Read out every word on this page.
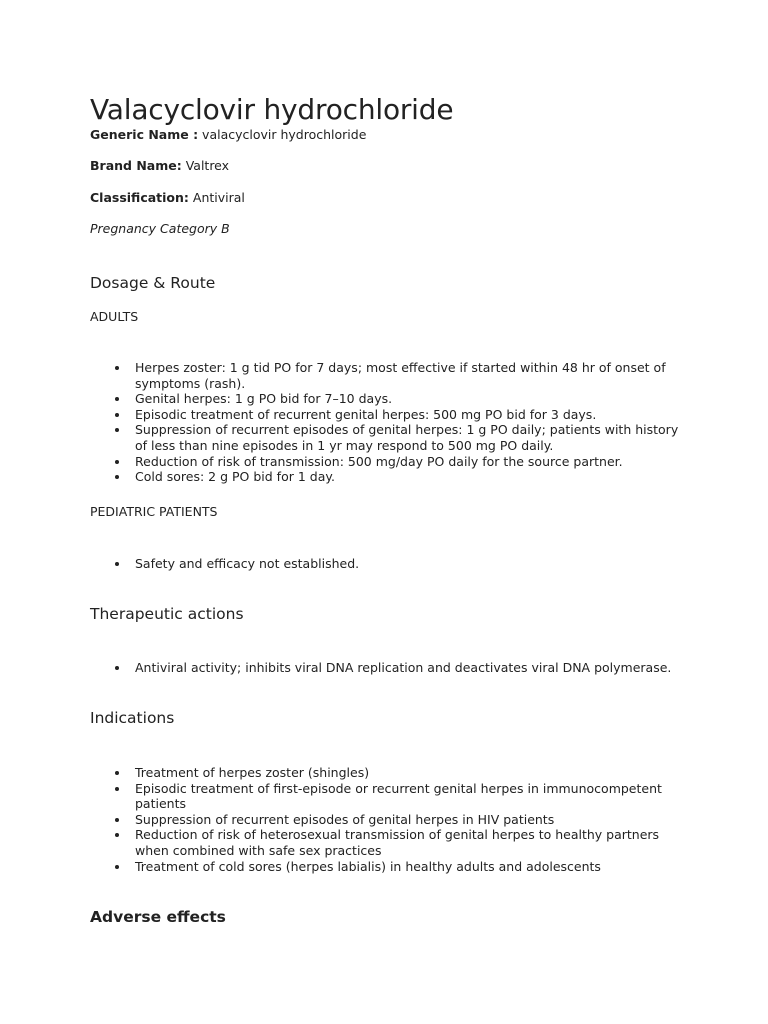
Valacyclovir hydrochloride

Generic Name : valacyclovir hydrochloride

Brand Name: Valtrex

Classification: Antiviral

Pregnancy Category B

Dosage & Route

ADULTS

Herpes zoster: 1 g tid PO for 7 days; most effective if started within 48 hr of onset of symptoms (rash).
Genital herpes: 1 g PO bid for 7–10 days.
Episodic treatment of recurrent genital herpes: 500 mg PO bid for 3 days.
Suppression of recurrent episodes of genital herpes: 1 g PO daily; patients with history of less than nine episodes in 1 yr may respond to 500 mg PO daily.
Reduction of risk of transmission: 500 mg/day PO daily for the source partner.
Cold sores: 2 g PO bid for 1 day.

PEDIATRIC PATIENTS

Safety and efficacy not established.
Therapeutic actions
Antiviral activity; inhibits viral DNA replication and deactivates viral DNA polymerase.
Indications
Treatment of herpes zoster (shingles)
Episodic treatment of first-episode or recurrent genital herpes in immunocompetent patients
Suppression of recurrent episodes of genital herpes in HIV patients
Reduction of risk of heterosexual transmission of genital herpes to healthy partners when combined with safe sex practices
Treatment of cold sores (herpes labialis) in healthy adults and adolescents
Adverse effects
